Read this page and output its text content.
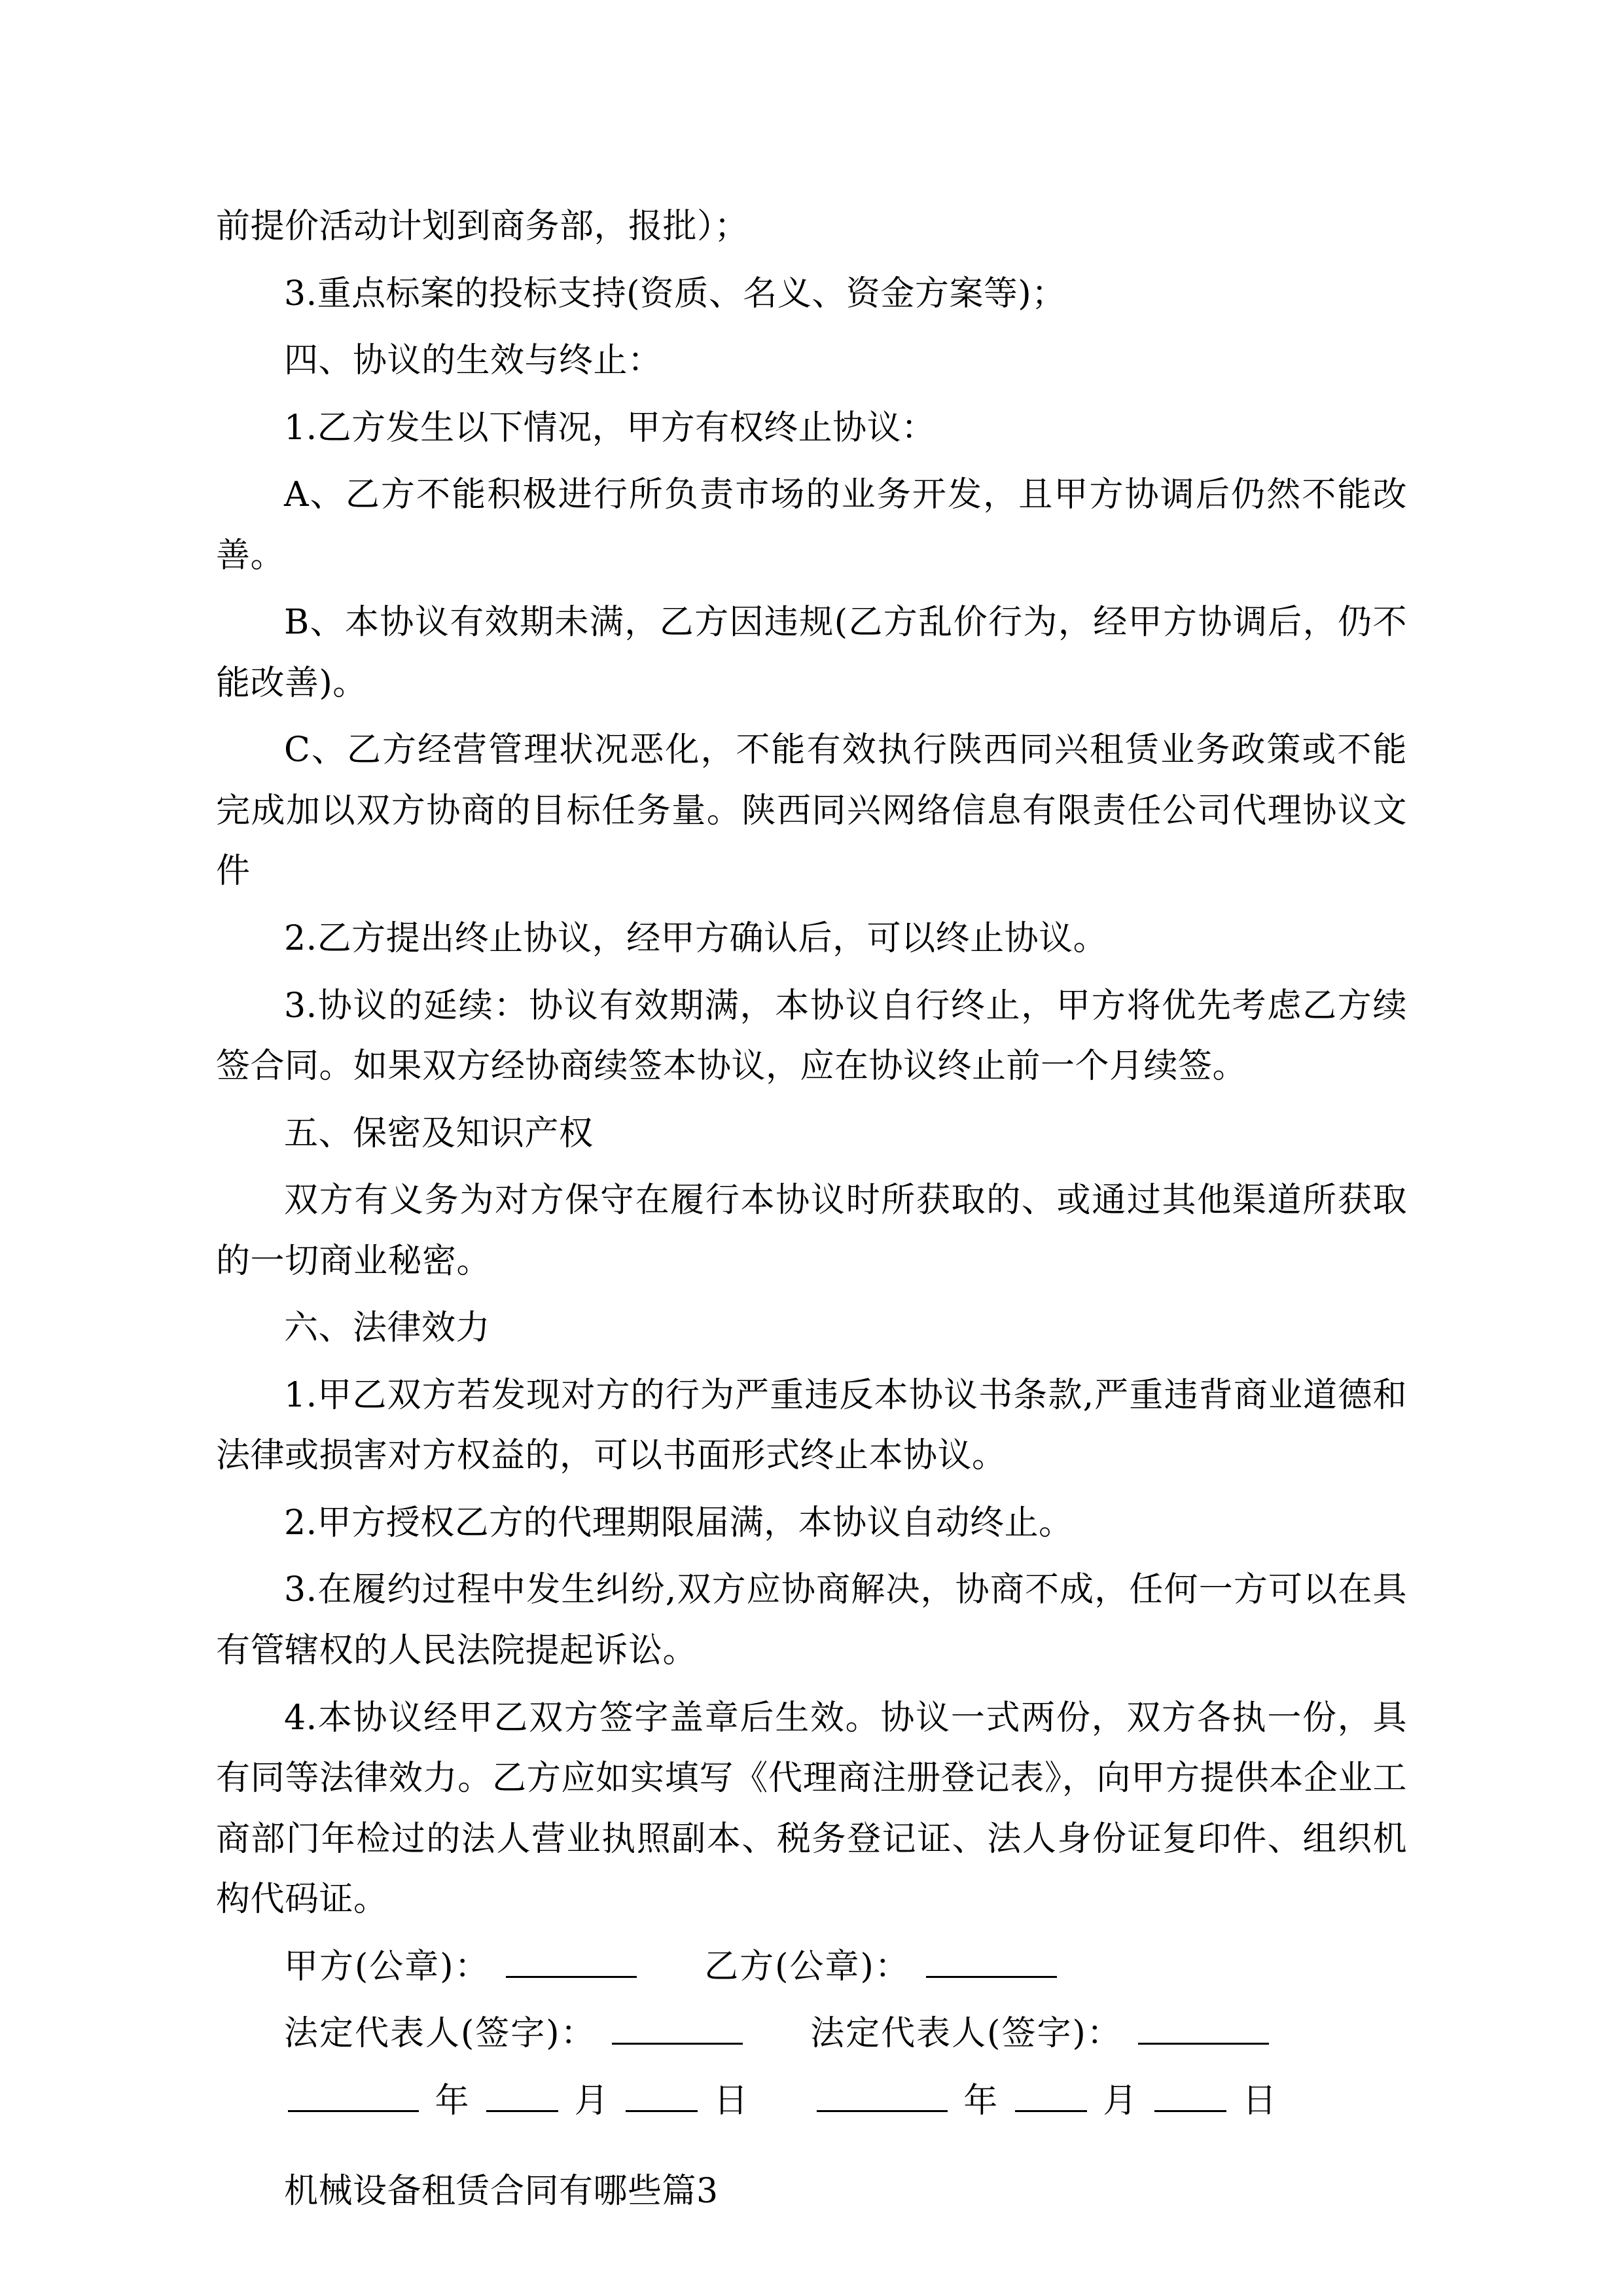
前提价活动计划到商务部，报批）；

3.重点标案的投标支持(资质、名义、资金方案等)；

四、协议的生效与终止：

1.乙方发生以下情况，甲方有权终止协议：

A、乙方不能积极进行所负责市场的业务开发，且甲方协调后仍然不能改善。

B、本协议有效期未满，乙方因违规(乙方乱价行为，经甲方协调后，仍不能改善)。

C、乙方经营管理状况恶化，不能有效执行陕西同兴租赁业务政策或不能完成加以双方协商的目标任务量。陕西同兴网络信息有限责任公司代理协议文件

2.乙方提出终止协议，经甲方确认后，可以终止协议。

3.协议的延续：协议有效期满，本协议自行终止，甲方将优先考虑乙方续签合同。如果双方经协商续签本协议，应在协议终止前一个月续签。

五、保密及知识产权

双方有义务为对方保守在履行本协议时所获取的、或通过其他渠道所获取的一切商业秘密。

六、法律效力

1.甲乙双方若发现对方的行为严重违反本协议书条款,严重违背商业道德和法律或损害对方权益的，可以书面形式终止本协议。

2.甲方授权乙方的代理期限届满，本协议自动终止。

3.在履约过程中发生纠纷,双方应协商解决，协商不成，任何一方可以在具有管辖权的人民法院提起诉讼。

4.本协议经甲乙双方签字盖章后生效。协议一式两份，双方各执一份，具有同等法律效力。乙方应如实填写《代理商注册登记表》，向甲方提供本企业工商部门年检过的法人营业执照副本、税务登记证、法人身份证复印件、组织机构代码证。

甲方(公章)：	乙方(公章)：

法定代表人(签字)：	法定代表人(签字)：

年	月	日	年	月	日

机械设备租赁合同有哪些篇3
